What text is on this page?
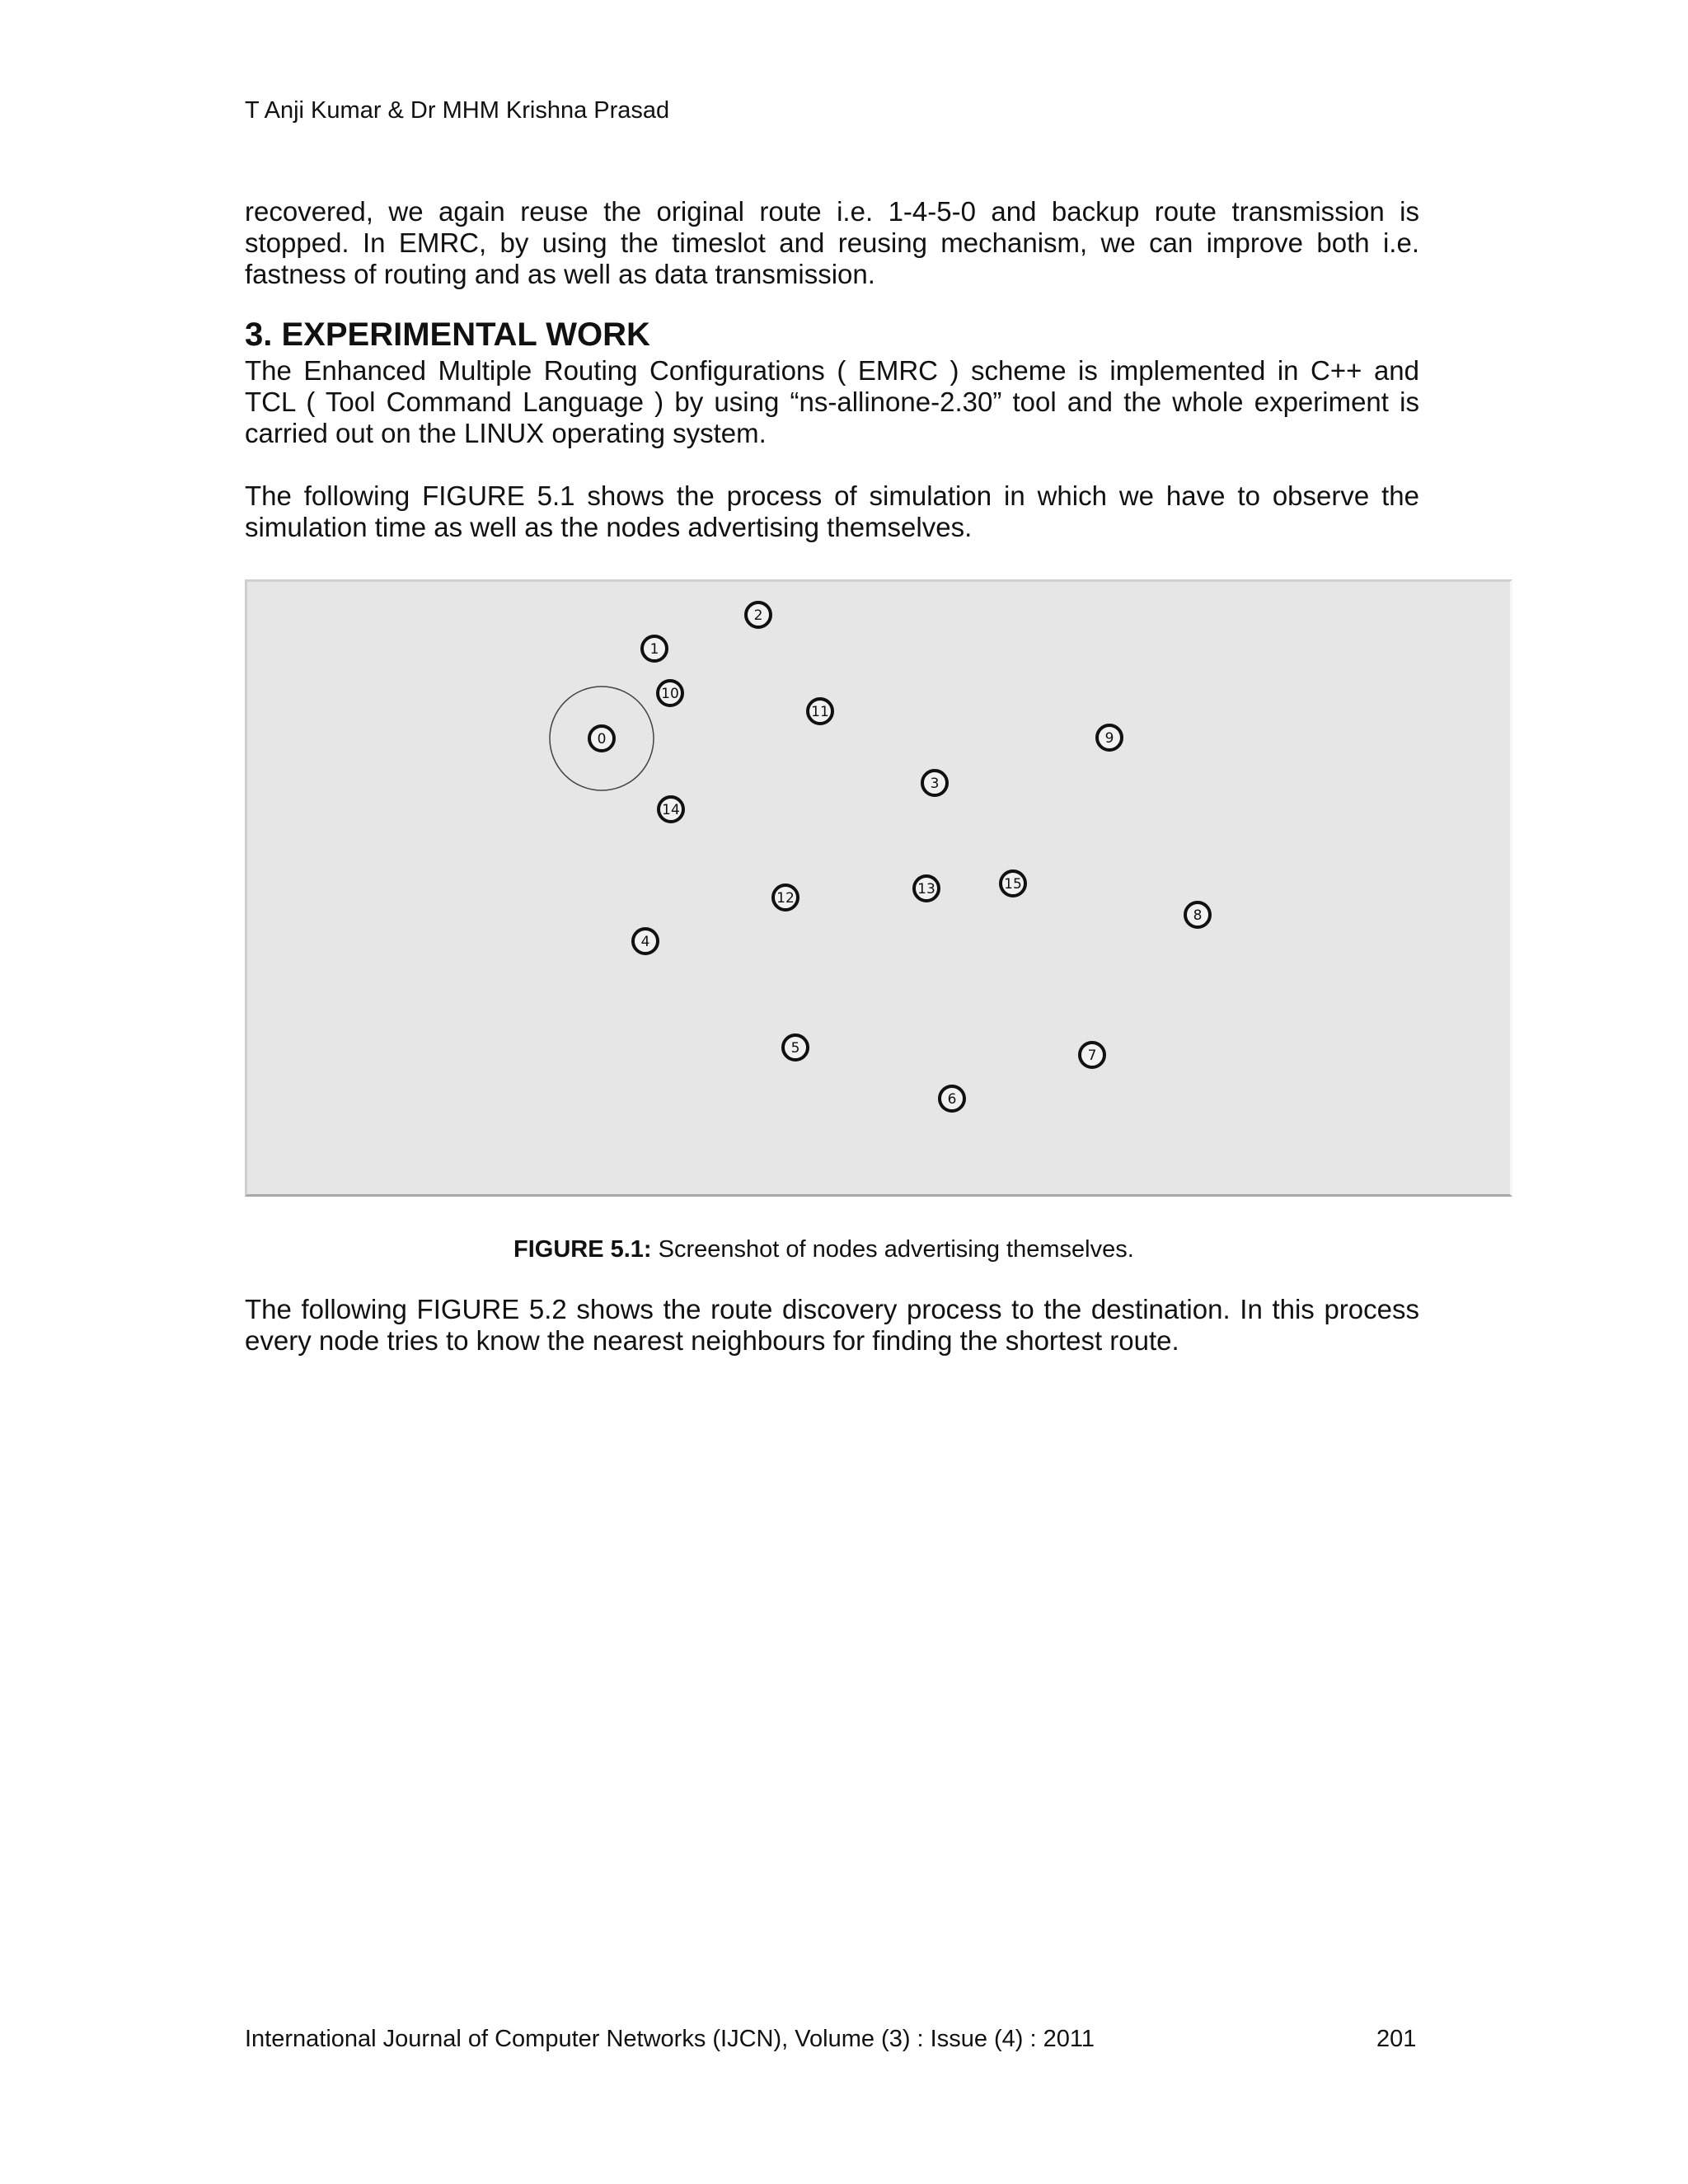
T Anji Kumar & Dr MHM Krishna Prasad
recovered, we again reuse the original route i.e. 1-4-5-0 and backup route transmission is stopped. In EMRC, by using the timeslot and reusing mechanism, we can improve both i.e. fastness of routing and as well as data transmission.
3. EXPERIMENTAL WORK
The Enhanced Multiple Routing Configurations ( EMRC ) scheme is implemented in C++ and TCL ( Tool Command Language ) by using “ns-allinone-2.30” tool and the whole experiment is carried out on the LINUX operating system.
The following FIGURE 5.1 shows the process of simulation in which we have to observe the simulation time as well as the nodes advertising themselves.
2
1
10
11
0	9
3
14
13	15
12
8
4
5	7
6
FIGURE 5.1: Screenshot of nodes advertising themselves.
The following FIGURE 5.2 shows the route discovery process to the destination. In this process every node tries to know the nearest neighbours for finding the shortest route.
International Journal of Computer Networks (IJCN), Volume (3) : Issue (4) : 2011	201
